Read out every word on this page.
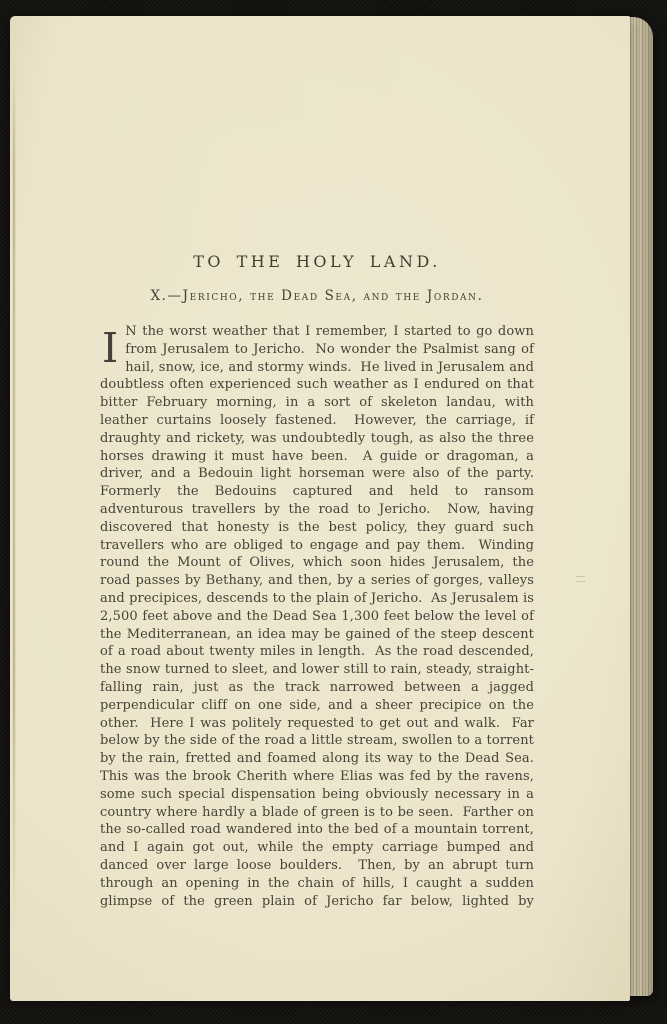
TO THE HOLY LAND.
X.—Jericho, the Dead Sea, and the Jordan.

I N the worst weather that I remember, I started to go down from Jerusalem to Jericho.  No wonder the Psalmist sang of hail, snow, ice, and stormy winds.  He lived in Jerusalem and doubtless often experienced such weather as I endured on that bitter February morning, in a sort of skeleton landau, with leather curtains loosely fastened.  However, the carriage, if draughty and rickety, was undoubtedly tough, as also the three horses drawing it must have been.  A guide or dragoman, a driver, and a Bedouin light horseman were also of the party.  Formerly the Bedouins captured and held to ransom adventurous travellers by the road to Jericho.  Now, having discovered that honesty is the best policy, they guard such travellers who are obliged to engage and pay them.  Winding round the Mount of Olives, which soon hides Jerusalem, the road passes by Bethany, and then, by a series of gorges, valleys and precipices, descends to the plain of Jericho.  As Jerusalem is 2,500 feet above and the Dead Sea 1,300 feet below the level of the Mediterranean, an idea may be gained of the steep descent of a road about twenty miles in length.  As the road descended, the snow turned to sleet, and lower still to rain, steady, straight-falling rain, just as the track narrowed between a jagged perpendicular cliff on one side, and a sheer precipice on the other.  Here I was politely requested to get out and walk.  Far below by the side of the road a little stream, swollen to a torrent by the rain, fretted and foamed along its way to the Dead Sea.  This was the brook Cherith where Elias was fed by the ravens, some such special dispensation being obviously necessary in a country where hardly a blade of green is to be seen.  Farther on the so-called road wandered into the bed of a mountain torrent, and I again got out, while the empty carriage bumped and danced over large loose boulders.  Then, by an abrupt turn through an opening in the chain of hills, I caught a sudden glimpse of the green plain of Jericho far below, lighted by
